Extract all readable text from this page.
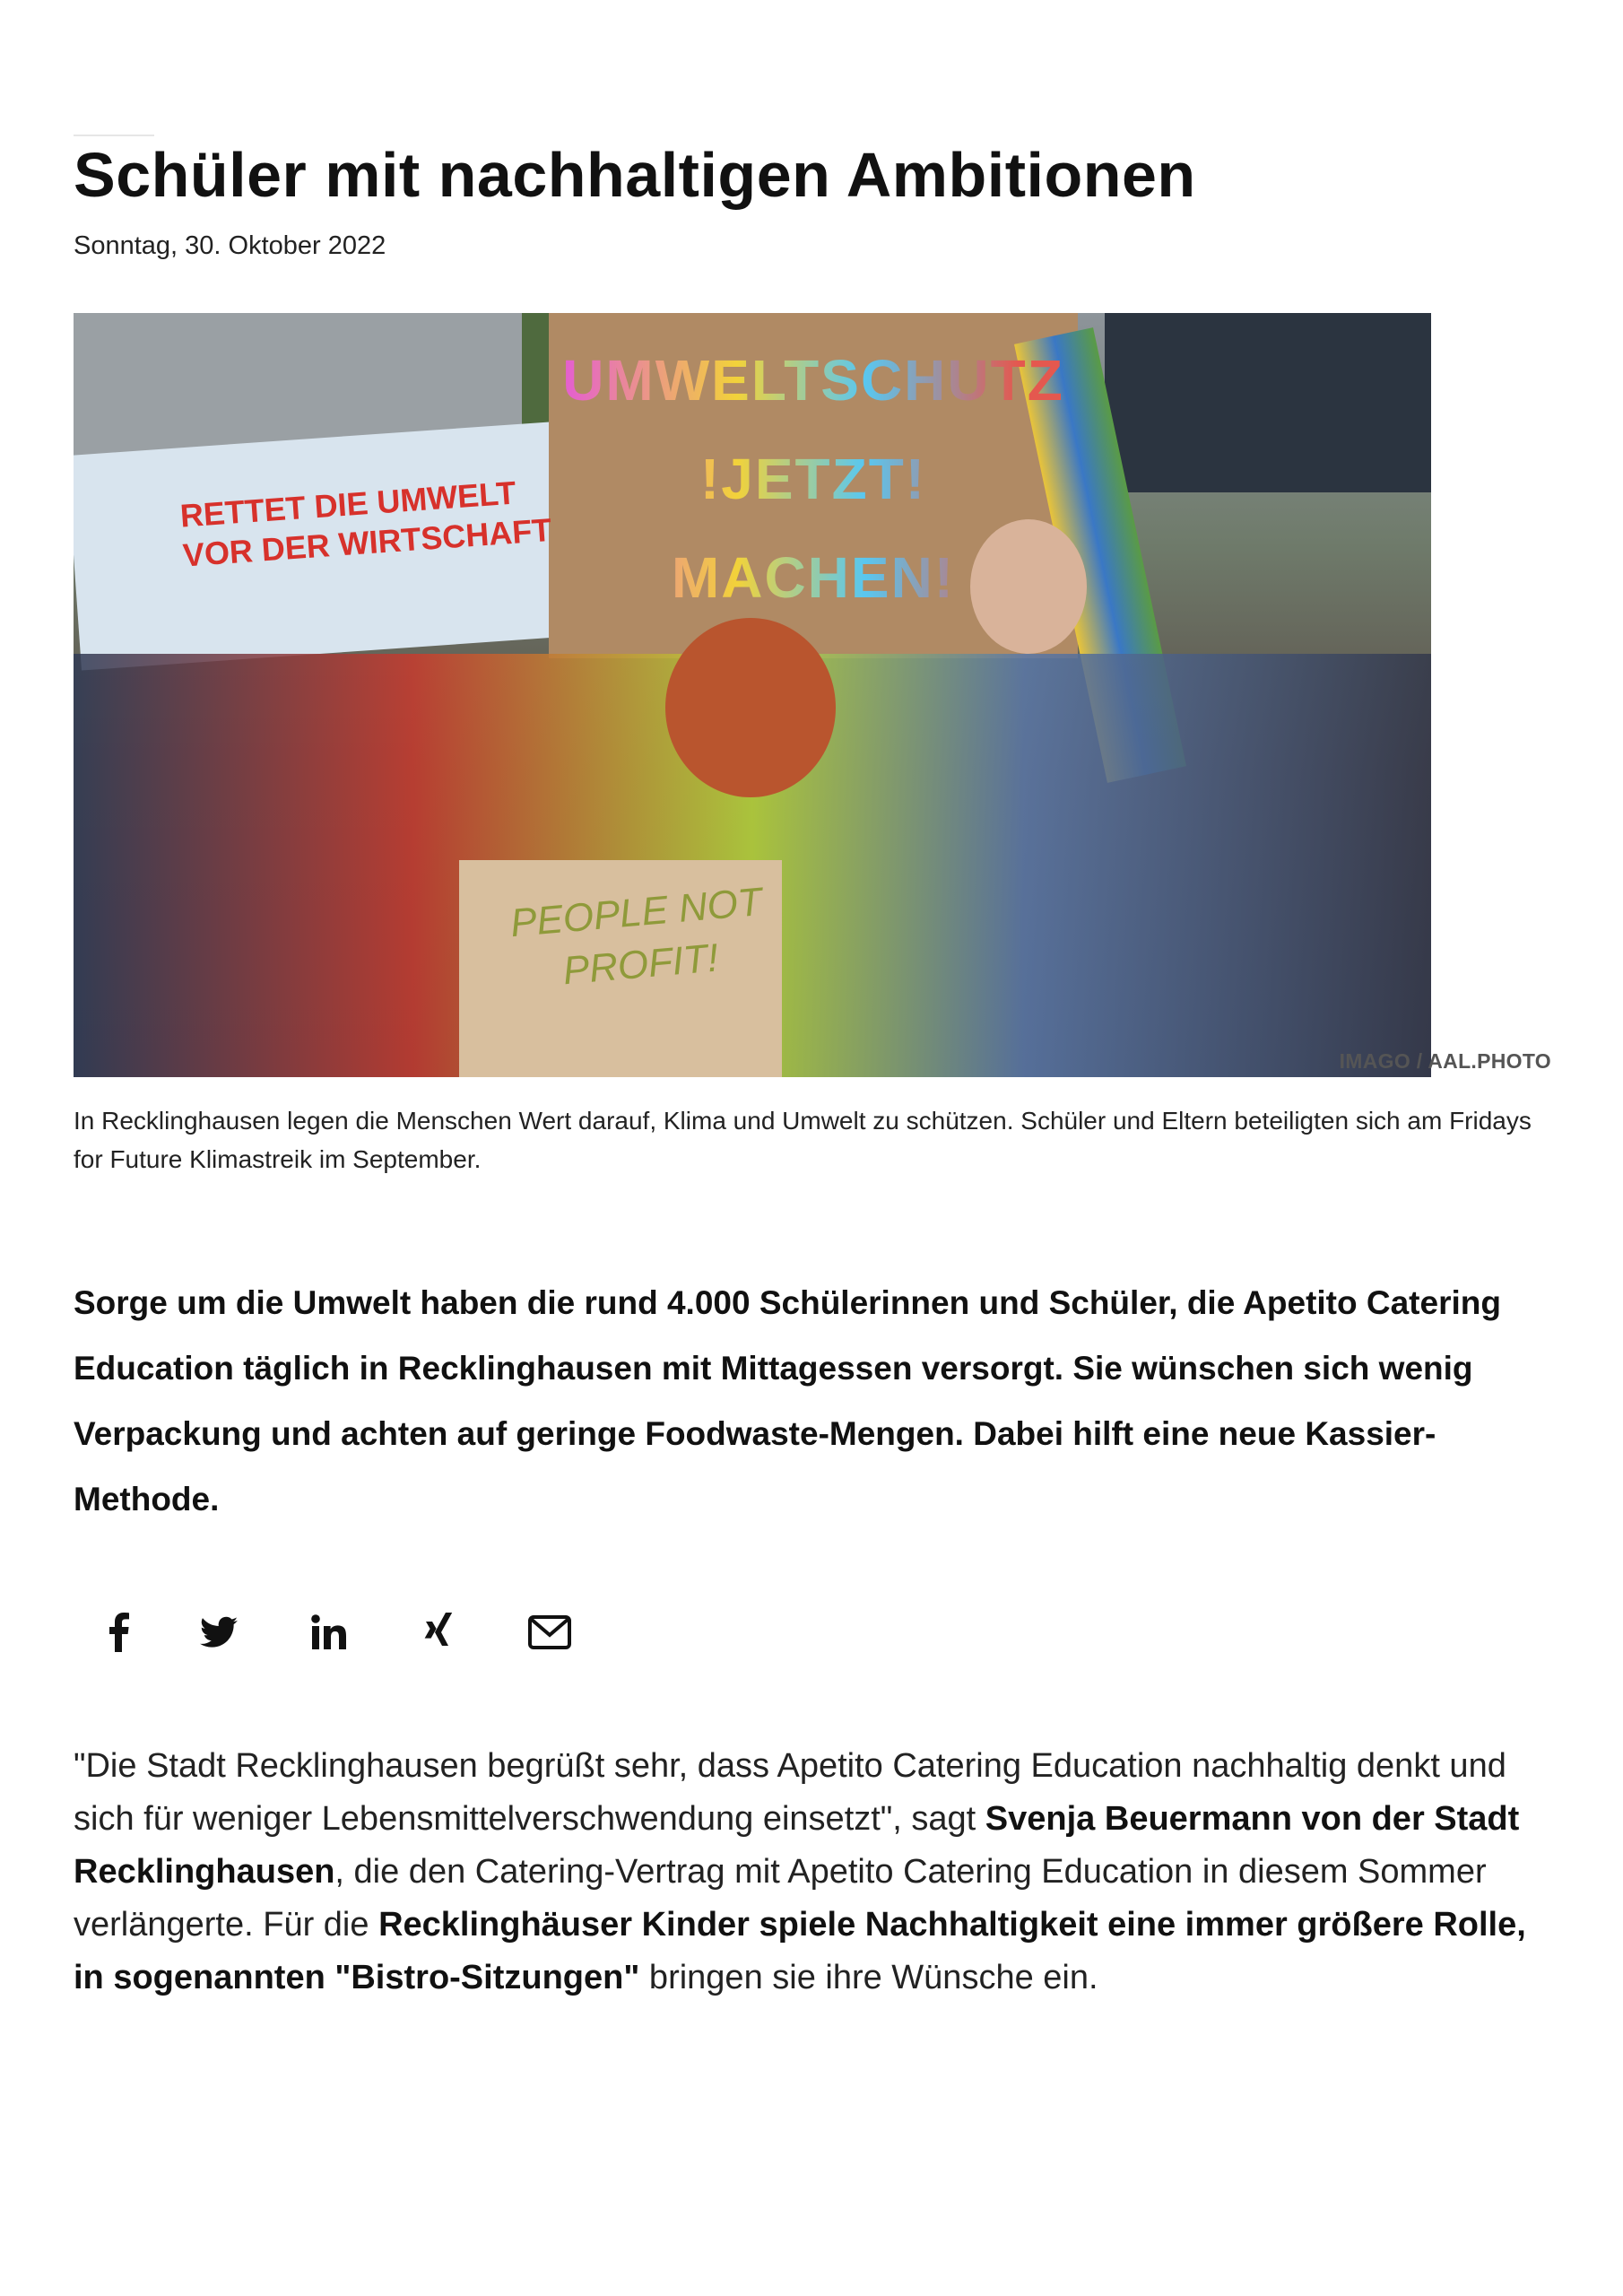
Schüler mit nachhaltigen Ambitionen
Sonntag, 30. Oktober 2022
RETTET DIE UMWELT VOR DER WIRTSCHAFT
UMWELTSCHUTZ !JETZT! MACHEN!
PEOPLE NOT PROFIT!
IMAGO / AAL.PHOTO
In Recklinghausen legen die Menschen Wert darauf, Klima und Umwelt zu schützen. Schüler und Eltern beteiligten sich am Fridays for Future Klimastreik im September.
Sorge um die Umwelt haben die rund 4.000 Schülerinnen und Schüler, die Apetito Catering Education täglich in Recklinghausen mit Mittagessen versorgt. Sie wünschen sich wenig Verpackung und achten auf geringe Foodwaste-Mengen. Dabei hilft eine neue Kassier-Methode.
"Die Stadt Recklinghausen begrüßt sehr, dass Apetito Catering Education nachhaltig denkt und sich für weniger Lebensmittelverschwendung einsetzt", sagt Svenja Beuermann von der Stadt Recklinghausen, die den Catering-Vertrag mit Apetito Catering Education in diesem Sommer verlängerte. Für die Recklinghäuser Kinder spiele Nachhaltigkeit eine immer größere Rolle, in sogenannten "Bistro-Sitzungen" bringen sie ihre Wünsche ein.
